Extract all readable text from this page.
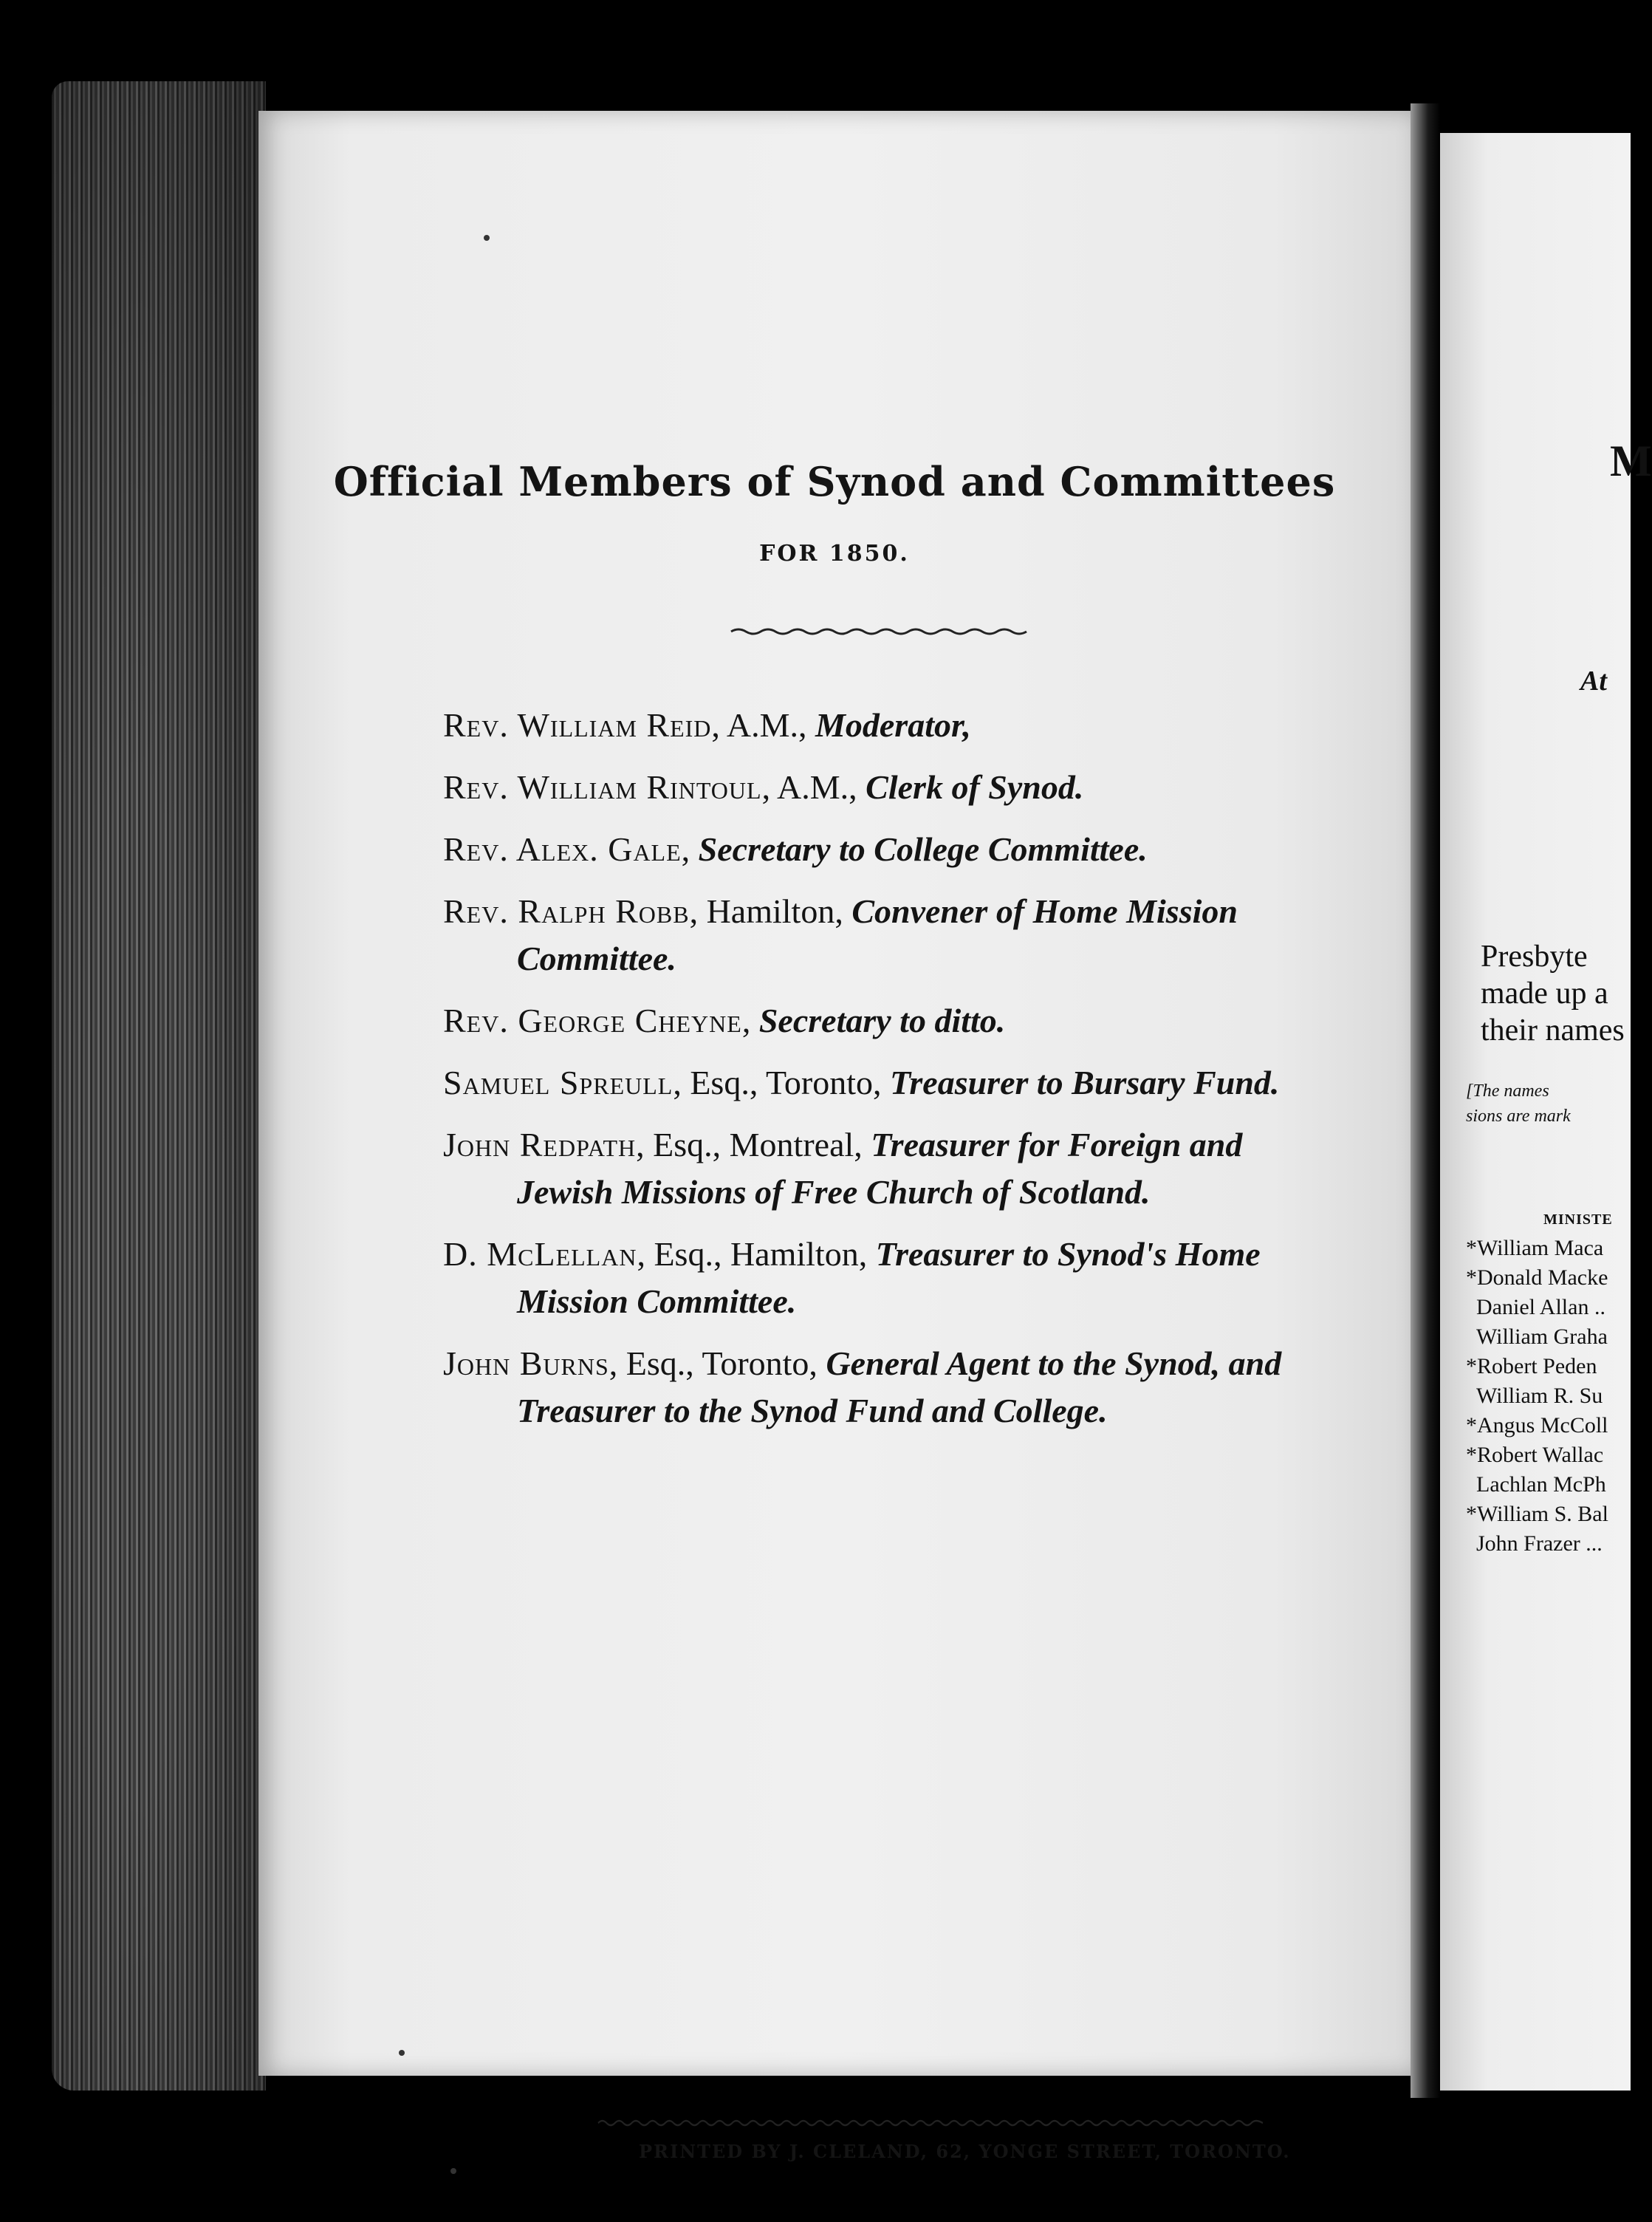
Official Members of Synod and Committees
FOR 1850.
Rev. William Reid, A.M., Moderator,
Rev. William Rintoul, A.M., Clerk of Synod.
Rev. Alex. Gale, Secretary to College Committee.
Rev. Ralph Robb, Hamilton, Convener of Home Mission
Committee.
Rev. George Cheyne, Secretary to ditto.
Samuel Spreull, Esq., Toronto, Treasurer to Bursary Fund.
John Redpath, Esq., Montreal, Treasurer for Foreign and
Jewish Missions of Free Church of Scotland.
D. McLellan, Esq., Hamilton, Treasurer to Synod's Home
Mission Committee.
John Burns, Esq., Toronto, General Agent to the Synod, and
Treasurer to the Synod Fund and College.
PRINTED BY J. CLELAND, 62, YONGE STREET, TORONTO.
M
At
Presbyte
made up a
their names
[The names
sions are mark
MINISTE
*William Maca
*Donald Macke
Daniel Allan ..
William Graha
*Robert Peden
William R. Su
*Angus McColl
*Robert Wallac
Lachlan McPh
*William S. Bal
John Frazer ...
